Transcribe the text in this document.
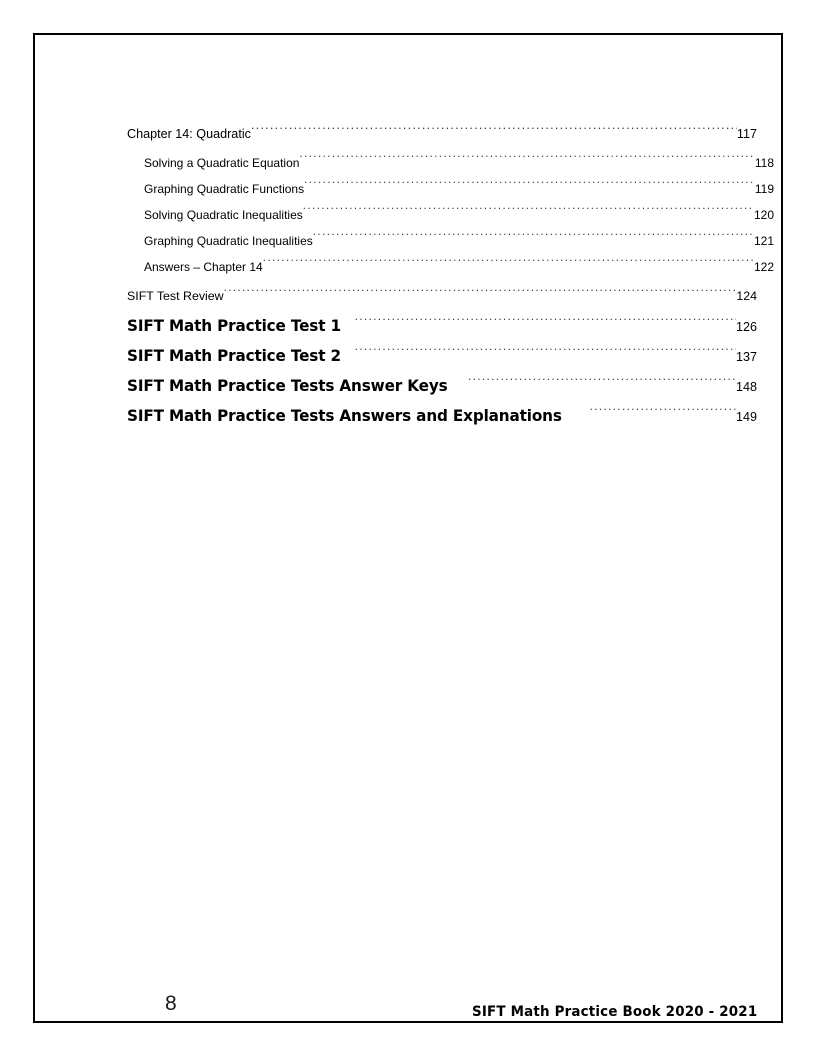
Chapter 14: Quadratic .....	117
Solving a Quadratic Equation .....	118
Graphing Quadratic Functions .....	119
Solving Quadratic Inequalities .....	120
Graphing Quadratic Inequalities .....	121
Answers – Chapter 14 .....	122
SIFT Test Review .....	124
SIFT Math Practice Test 1 .....	126
SIFT Math Practice Test 2 .....	137
SIFT Math Practice Tests Answer Keys .....	148
SIFT Math Practice Tests Answers and Explanations .....	149
8	SIFT Math Practice Book 2020 - 2021
